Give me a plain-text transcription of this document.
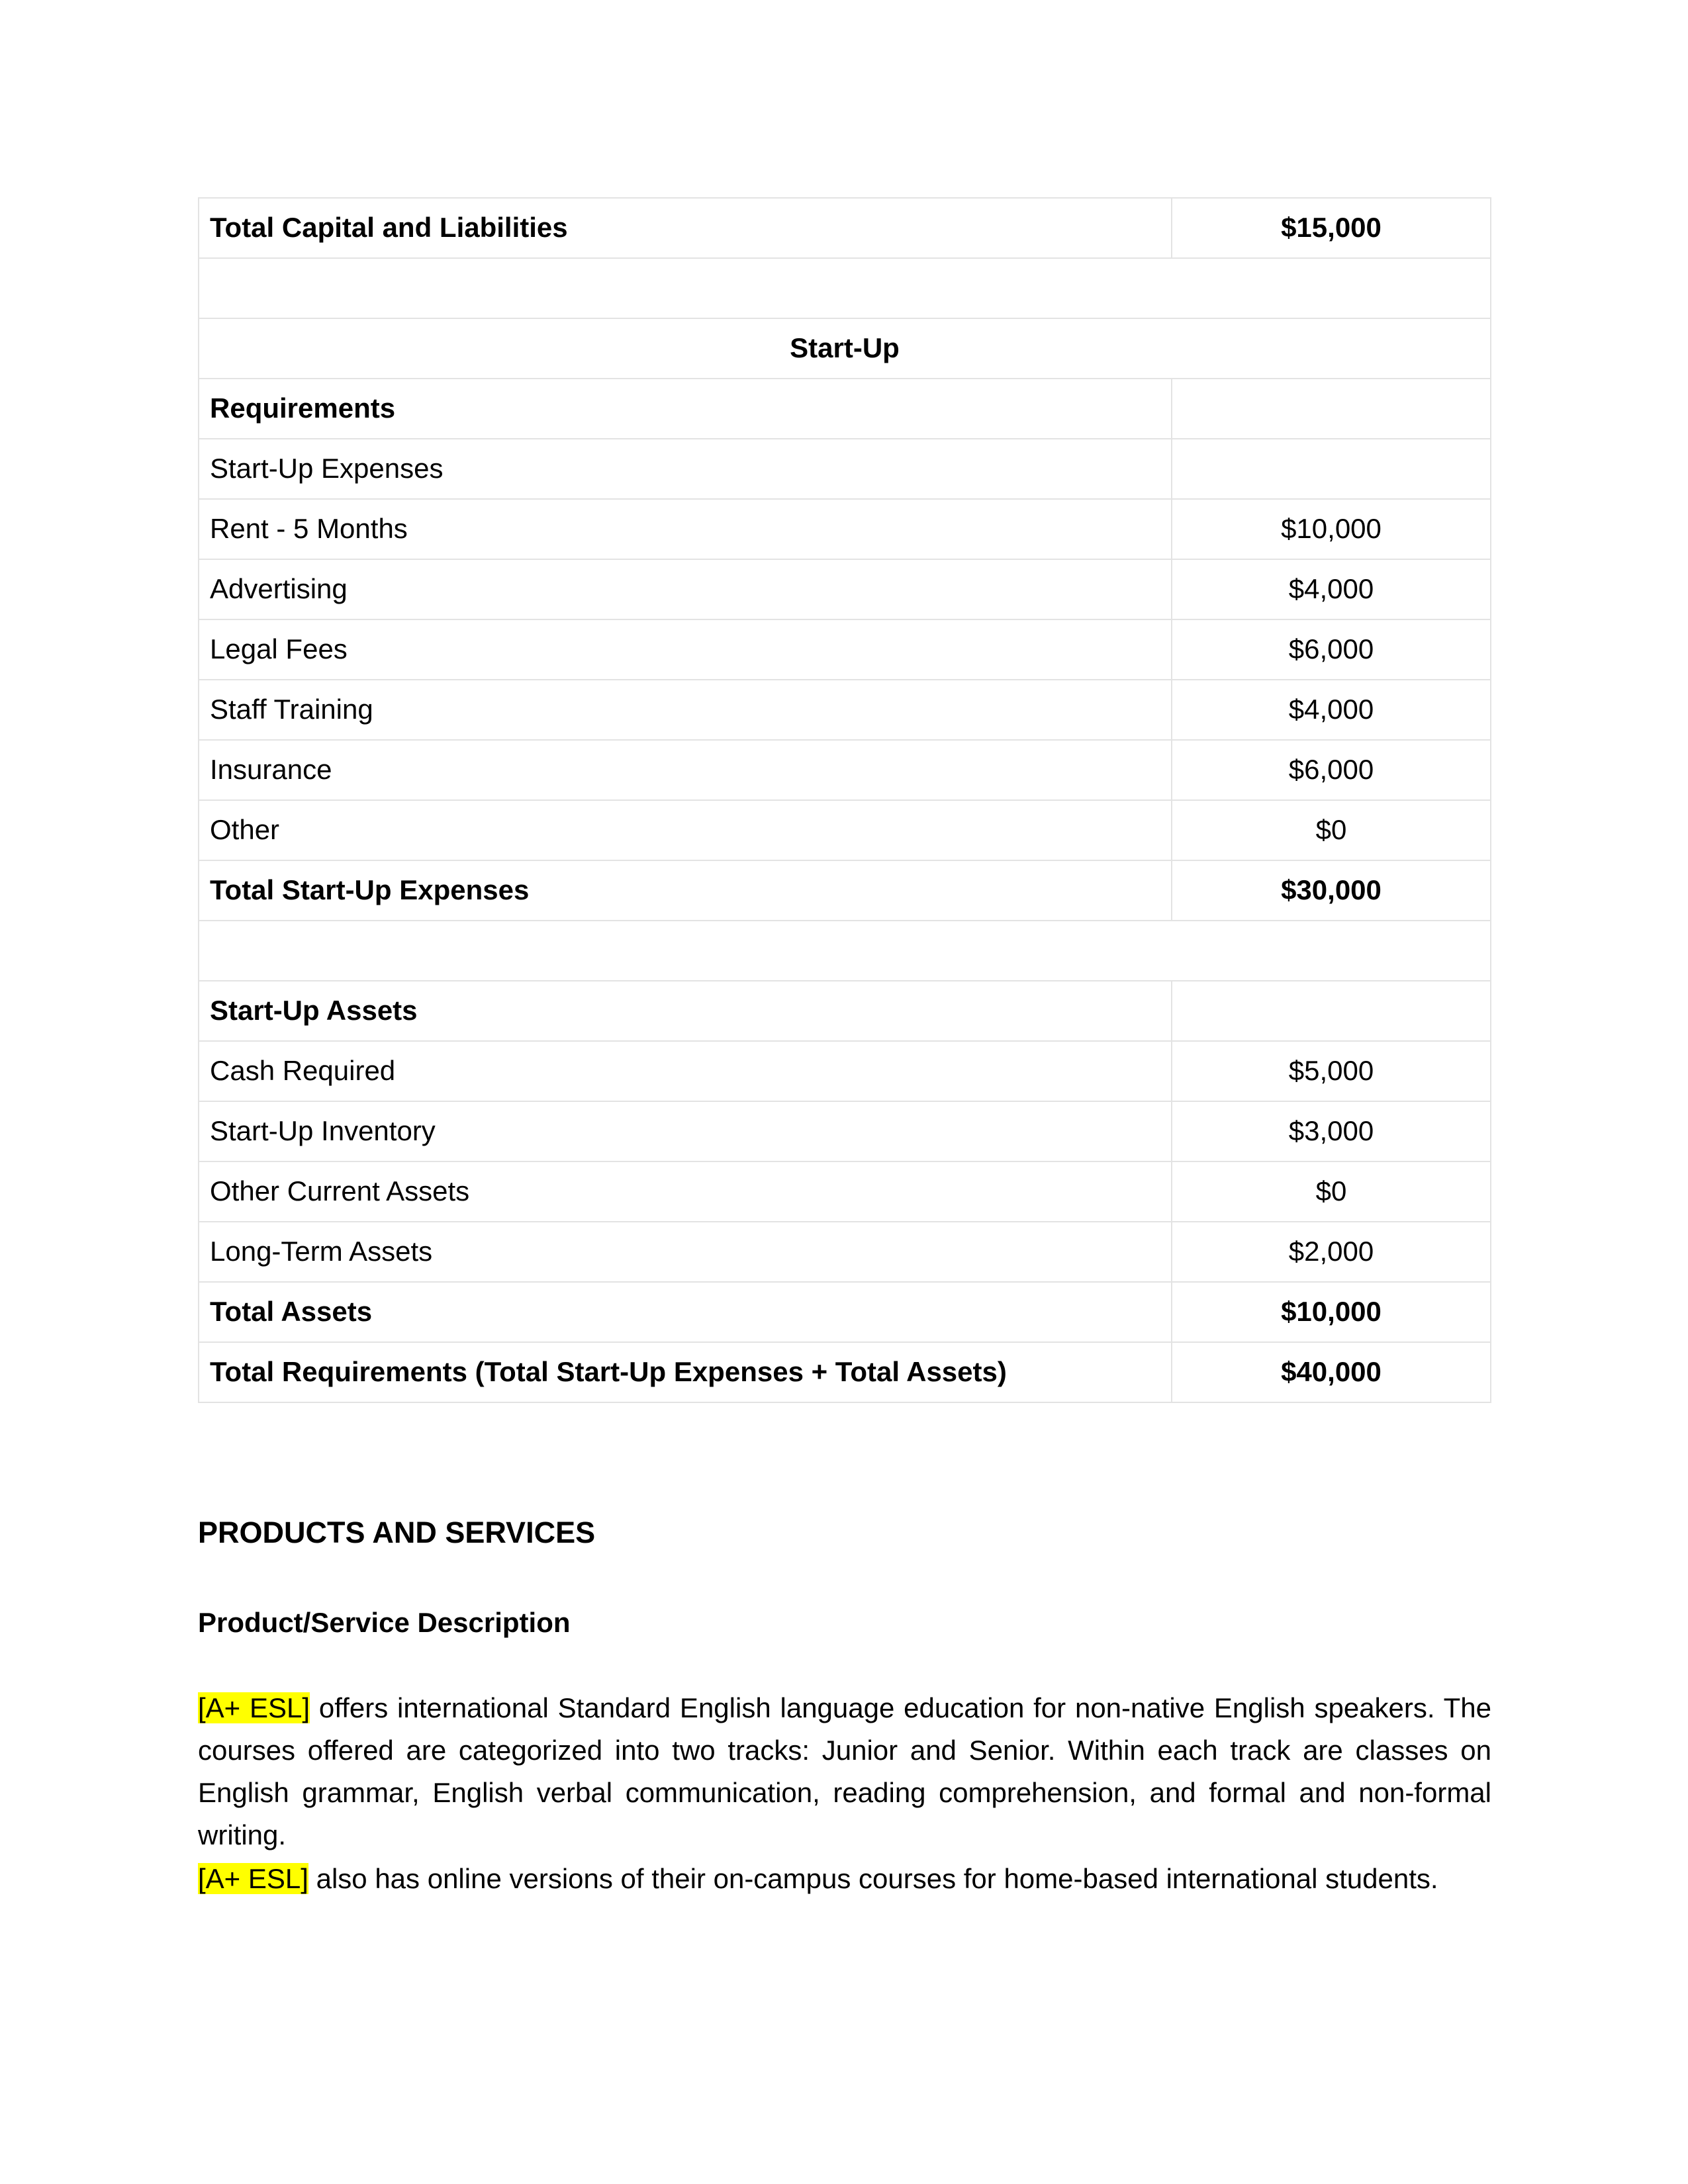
Total Capital and Liabilities	$15,000

Start-Up	
Requirements	
Start-Up Expenses	
Rent - 5 Months	$10,000
Advertising	$4,000
Legal Fees	$6,000
Staff Training	$4,000
Insurance	$6,000
Other	$0
Total Start-Up Expenses	$30,000

Start-Up Assets	
Cash Required	$5,000
Start-Up Inventory	$3,000
Other Current Assets	$0
Long-Term Assets	$2,000
Total Assets	$10,000
Total Requirements (Total Start-Up Expenses + Total Assets)	$40,000
PRODUCTS AND SERVICES
Product/Service Description

[A+ ESL] offers international Standard English language education for non-native English speakers. The courses offered are categorized into two tracks: Junior and Senior. Within each track are classes on English grammar, English verbal communication, reading comprehension, and formal and non-formal writing.

[A+ ESL] also has online versions of their on-campus courses for home-based international students.
